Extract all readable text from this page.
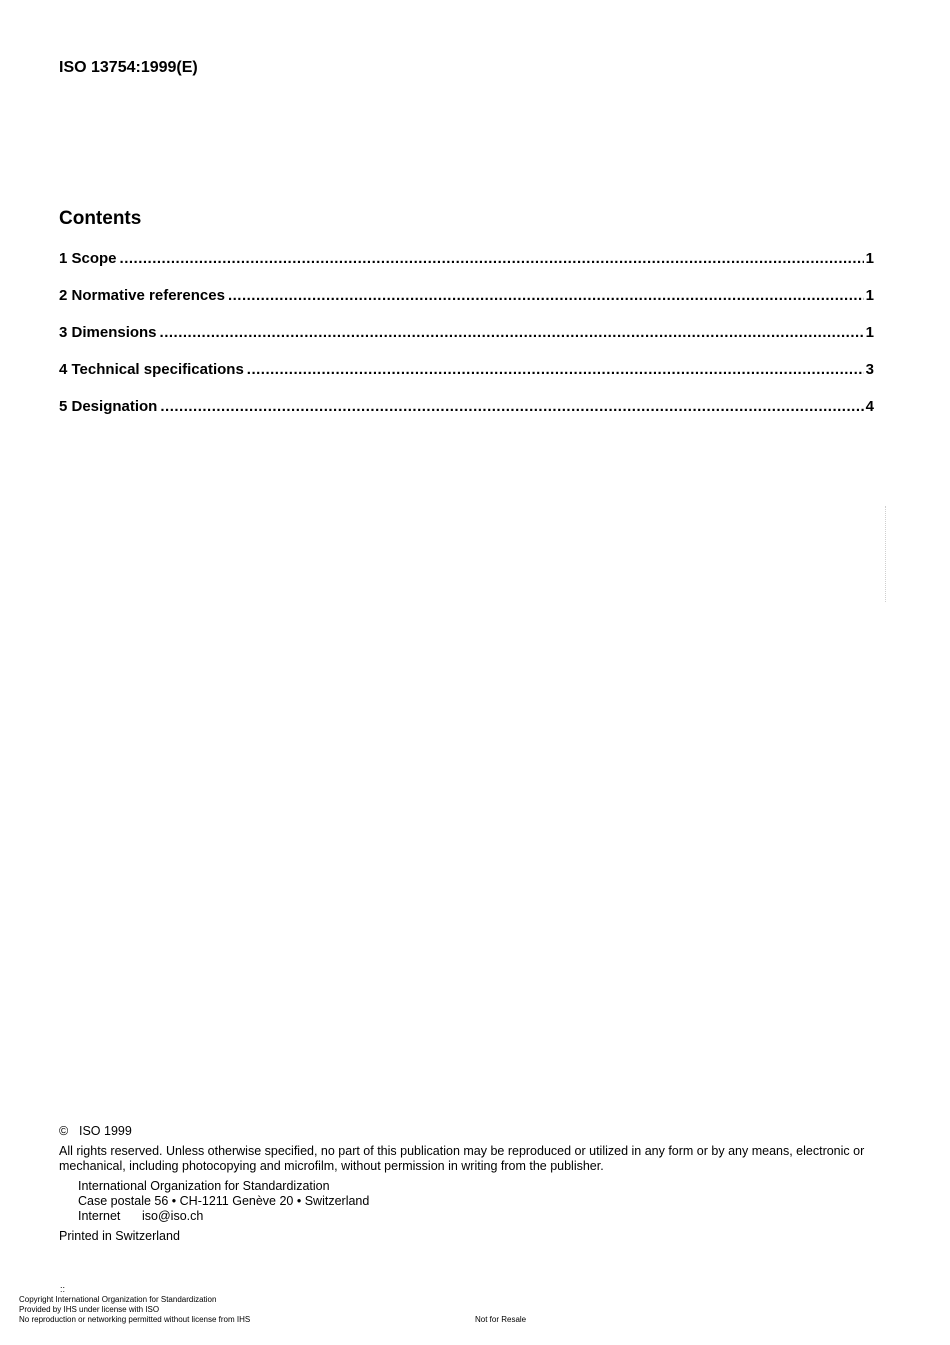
ISO 13754:1999(E)
Contents
1 Scope .....	1
2 Normative references .....	1
3 Dimensions .....	1
4 Technical specifications .....	3
5 Designation .....	4
© ISO 1999

All rights reserved. Unless otherwise specified, no part of this publication may be reproduced or utilized in any form or by any means, electronic or mechanical, including photocopying and microfilm, without permission in writing from the publisher.

International Organization for Standardization
Case postale 56 • CH-1211 Genève 20 • Switzerland
Internet iso@iso.ch
Printed in Switzerland
::
Copyright International Organization for Standardization
Provided by IHS under license with ISO
No reproduction or networking permitted without license from IHS	Not for Resale
